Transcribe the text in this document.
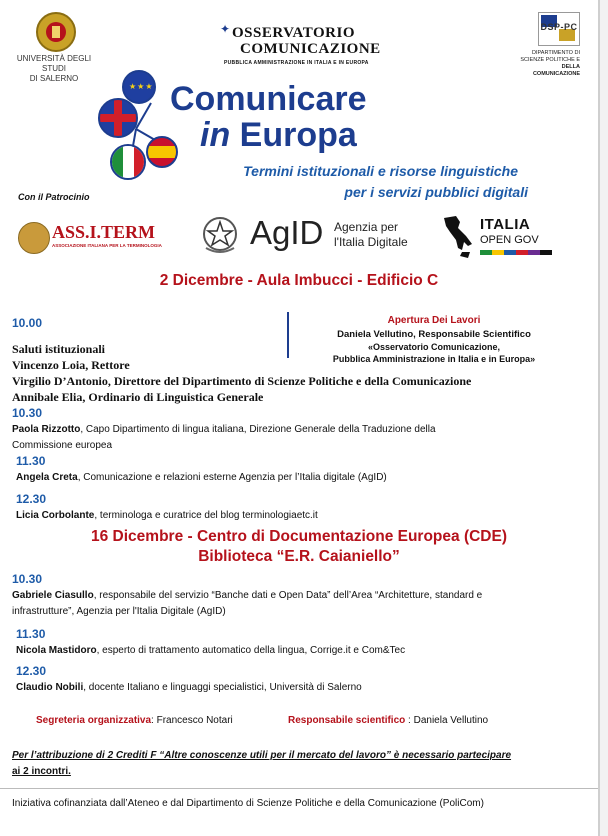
UNIVERSITÀ DEGLI STUDI
DI SALERNO
✦ OSSERVATORIO
COMUNICAZIONE
PUBBLICA AMMINISTRAZIONE IN ITALIA E IN EUROPA
DSP-PC
DIPARTIMENTO DI
SCIENZE POLITICHE E
DELLA COMUNICAZIONE
★★★ Comunicare
in Europa
Termini istituzionali e risorse linguistiche
per i servizi pubblici digitali
Con il Patrocinio
ASS.I.TERM
ASSOCIAZIONE ITALIANA PER LA TERMINOLOGIA	AgID Agenzia per
l'Italia Digitale
ITALIA
OPEN GOV
2 Dicembre - Aula Imbucci - Edificio C
10.00	Apertura Dei Lavori
Daniela Vellutino, Responsabile Scientifico
«Osservatorio Comunicazione,
Pubblica Amministrazione in Italia e in Europa»
Saluti istituzionali
Vincenzo Loia, Rettore
Virgilio D’Antonio, Direttore del Dipartimento di Scienze Politiche e della Comunicazione
Annibale Elia, Ordinario di Linguistica Generale
10.30
Paola Rizzotto, Capo Dipartimento di lingua italiana, Direzione Generale della Traduzione della
Commissione europea
11.30
Angela Creta, Comunicazione e relazioni esterne Agenzia per l’Italia digitale (AgID)
12.30
Licia Corbolante, terminologa e curatrice del blog terminologiaetc.it
16 Dicembre - Centro di Documentazione Europea (CDE)
Biblioteca “E.R. Caianiello”
10.30
Gabriele Ciasullo, responsabile del servizio “Banche dati e Open Data” dell’Area “Architetture, standard e
infrastrutture”, Agenzia per l'Italia Digitale (AgID)
11.30
Nicola Mastidoro, esperto di trattamento automatico della lingua, Corrige.it e Com&Tec
12.30
Claudio Nobili, docente Italiano e linguaggi specialistici, Università di Salerno
Segreteria organizzativa: Francesco Notari	Responsabile scientifico : Daniela Vellutino
Per l’attribuzione di 2 Crediti F “Altre conoscenze utili per il mercato del lavoro” è necessario partecipare
ai 2 incontri.
Iniziativa cofinanziata dall’Ateneo e dal Dipartimento di Scienze Politiche e della Comunicazione (PoliCom)
